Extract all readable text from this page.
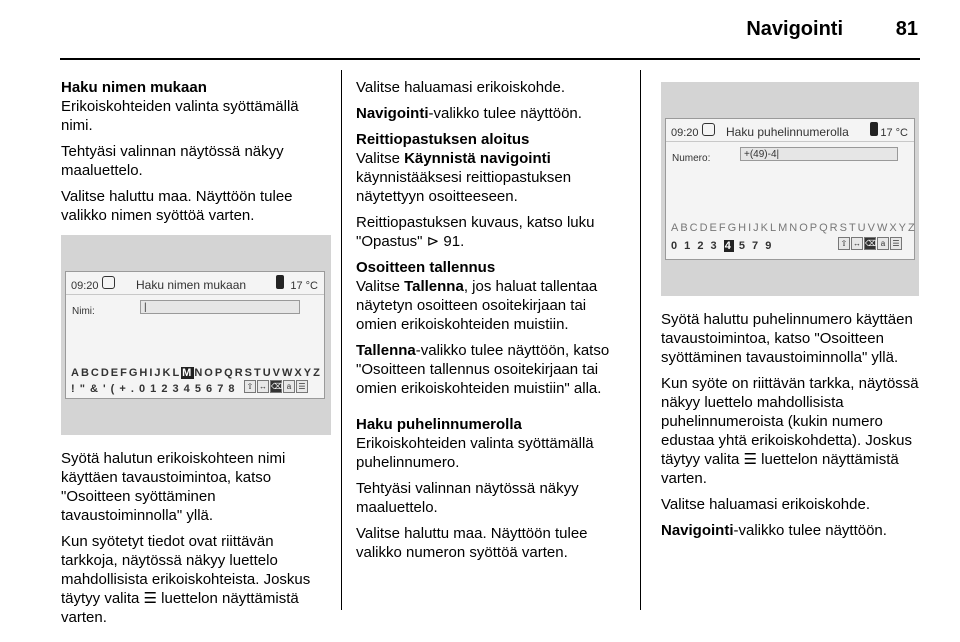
Navigointi	81
Haku nimen mukaan

Erikoiskohteiden valinta syöttämällä nimi.

Tehtyäsi valinnan näytössä näkyy maaluettelo.

Valitse haluttu maa. Näyttöön tulee valikko nimen syöttöä varten.

09:20	Haku nimen mukaan	17 °C
Nimi:	|
ABCDEFGHIJKLMNOPQRSTUVWXYZ
! " & ' ( + . 0 1 2 3 4 5 6 7 8	⇧ ↔ ⌫ a ☰

Syötä halutun erikoiskohteen nimi käyttäen tavaustoimintoa, katso "Osoitteen syöttäminen tavaustoiminnolla" yllä.

Kun syötetyt tiedot ovat riittävän tarkkoja, näytössä näkyy luettelo mahdollisista erikoiskohteista. Joskus täytyy valita ☰ luettelon näyttämistä varten.

Valitse haluamasi erikoiskohde.

Navigointi-valikko tulee näyttöön.

Reittiopastuksen aloitus

Valitse Käynnistä navigointi käynnistääksesi reittiopastuksen näytettyyn osoitteeseen.

Reittiopastuksen kuvaus, katso luku "Opastus" ⊳ 91.

Osoitteen tallennus

Valitse Tallenna, jos haluat tallentaa näytetyn osoitteen osoitekirjaan tai omien erikoiskohteiden muistiin.

Tallenna-valikko tulee näyttöön, katso "Osoitteen tallennus osoitekirjaan tai omien erikoiskohteiden muistiin" alla.

Haku puhelinnumerolla

Erikoiskohteiden valinta syöttämällä puhelinnumero.

Tehtyäsi valinnan näytössä näkyy maaluettelo.

Valitse haluttu maa. Näyttöön tulee valikko numeron syöttöä varten.

09:20 Haku puhelinnumerolla	17 °C
Numero:	+(49)-4|
ABCDEFGHIJKLMNOPQRSTUVWXYZ
0 1 2 3 4 5 7 9	⇧ ↔ ⌫ a ☰

Syötä haluttu puhelinnumero käyttäen tavaustoimintoa, katso "Osoitteen syöttäminen tavaustoiminnolla" yllä.

Kun syöte on riittävän tarkka, näytössä näkyy luettelo mahdollisista puhelinnumeroista (kukin numero edustaa yhtä erikoiskohdetta). Joskus täytyy valita ☰ luettelon näyttämistä varten.

Valitse haluamasi erikoiskohde.

Navigointi-valikko tulee näyttöön.
